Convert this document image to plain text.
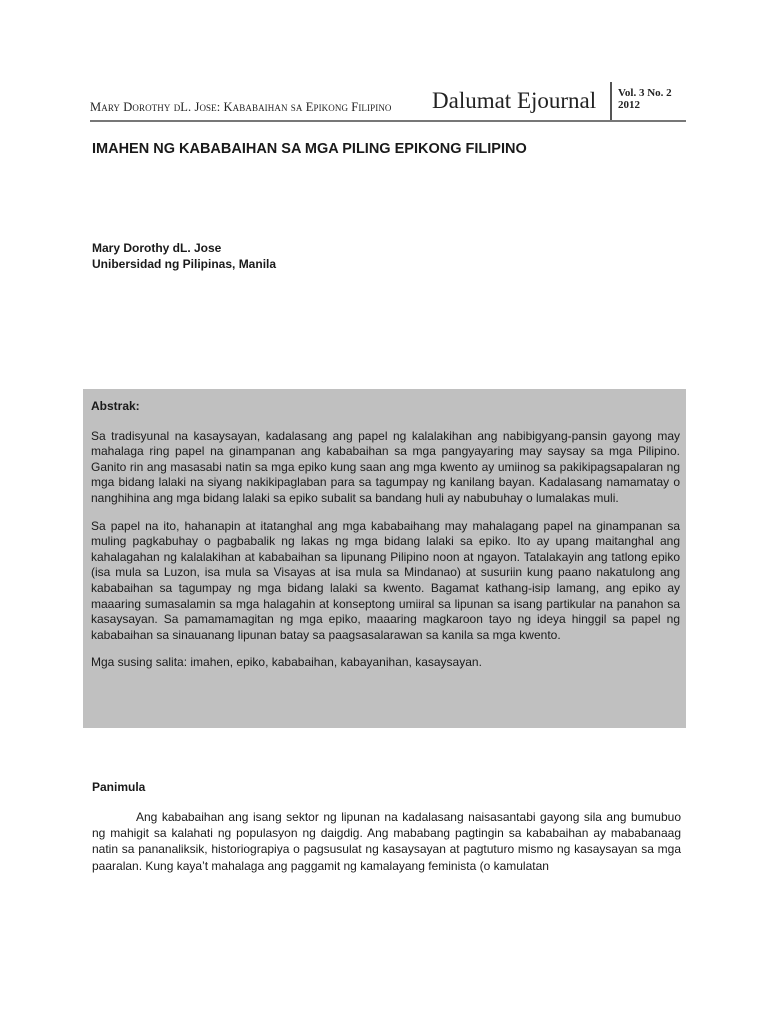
Mary Dorothy dL. Jose: Kababaihan sa Epikong Filipino Dalumat Ejournal Vol. 3 No. 2
2012
IMAHEN NG KABABAIHAN SA MGA PILING EPIKONG FILIPINO
Mary Dorothy dL. Jose
Unibersidad ng Pilipinas, Manila

Abstrak:

Sa tradisyunal na kasaysayan, kadalasang ang papel ng kalalakihan ang nabibigyang-pansin gayong may mahalaga ring papel na ginampanan ang kababaihan sa mga pangyayaring may saysay sa mga Pilipino. Ganito rin ang masasabi natin sa mga epiko kung saan ang mga kwento ay umiinog sa pakikipagsapalaran ng mga bidang lalaki na siyang nakikipaglaban para sa tagumpay ng kanilang bayan. Kadalasang namamatay o nanghihina ang mga bidang lalaki sa epiko subalit sa bandang huli ay nabubuhay o lumalakas muli.

Sa papel na ito, hahanapin at itatanghal ang mga kababaihang may mahalagang papel na ginampanan sa muling pagkabuhay o pagbabalik ng lakas ng mga bidang lalaki sa epiko. Ito ay upang maitanghal ang kahalagahan ng kalalakihan at kababaihan sa lipunang Pilipino noon at ngayon. Tatalakayin ang tatlong epiko (isa mula sa Luzon, isa mula sa Visayas at isa mula sa Mindanao) at susuriin kung paano nakatulong ang kababaihan sa tagumpay ng mga bidang lalaki sa kwento. Bagamat kathang-isip lamang, ang epiko ay maaaring sumasalamin sa mga halagahin at konseptong umiiral sa lipunan sa isang partikular na panahon sa kasaysayan. Sa pamamamagitan ng mga epiko, maaaring magkaroon tayo ng ideya hinggil sa papel ng kababaihan sa sinauanang lipunan batay sa paagsasalarawan sa kanila sa mga kwento.

Mga susing salita: imahen, epiko, kababaihan, kabayanihan, kasaysayan.

Panimula

Ang kababaihan ang isang sektor ng lipunan na kadalasang naisasantabi gayong sila ang bumubuo ng mahigit sa kalahati ng populasyon ng daigdig. Ang mababang pagtingin sa kababaihan ay mababanaag natin sa pananaliksik, historiograpiya o pagsusulat ng kasaysayan at pagtuturo mismo ng kasaysayan sa mga paaralan. Kung kaya’t mahalaga ang paggamit ng kamalayang feminista (o kamulatan
